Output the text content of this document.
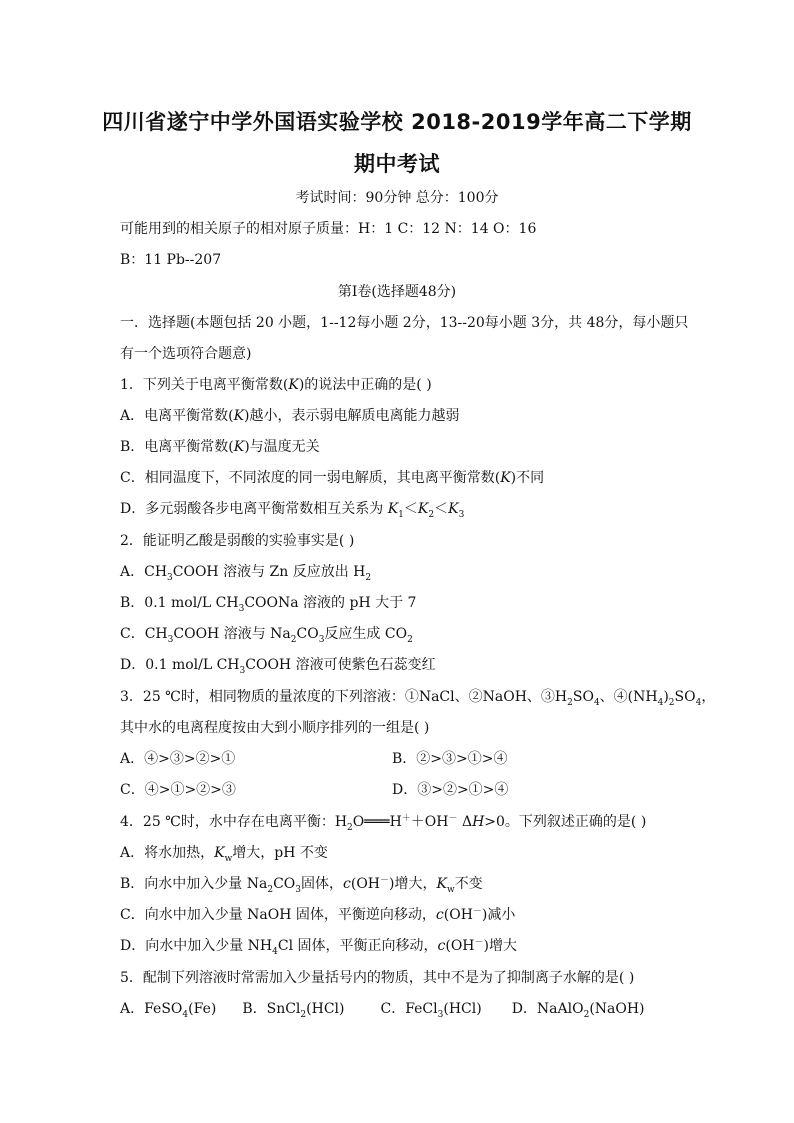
四川省遂宁中学外国语实验学校 2018-2019学年高二下学期
期中考试
考试时间：90分钟 总分：100分
可能用到的相关原子的相对原子质量：H：1 C：12 N：14 O：16
B：11 Pb--207
第Ⅰ卷(选择题48分)
一．选择题(本题包括 20 小题，1--12每小题 2分，13--20每小题 3分，共 48分，每小题只
有一个选项符合题意)
1．下列关于电离平衡常数(K)的说法中正确的是( )
A．电离平衡常数(K)越小，表示弱电解质电离能力越弱
B．电离平衡常数(K)与温度无关
C．相同温度下，不同浓度的同一弱电解质，其电离平衡常数(K)不同
D．多元弱酸各步电离平衡常数相互关系为 $K_1<K_2<K_3$
2．能证明乙酸是弱酸的实验事实是( )
A．$CH_3COOH$ 溶液与 Zn 反应放出 $H_2$
B．0.1 mol/L $CH_3COONa$ 溶液的 pH 大于 7
C．$CH_3COOH$ 溶液与 $Na_2CO_3$反应生成 $CO_2$
D．0.1 mol/L $CH_3COOH$ 溶液可使紫色石蕊变红
3．25 ℃时，相同物质的量浓度的下列溶液：①NaCl、②NaOH、$③H_2SO_4$、$④(NH_4)_2SO_4$，
其中水的电离程度按由大到小顺序排列的一组是( )
A．④>③>②>①	B．②>③>①>④
C．④>①>②>③	D．③>②>①>④
4．25 ℃时，水中存在电离平衡：$H_2O═══H^++OH^-$ ΔH>0。下列叙述正确的是( )
A．将水加热，$K_w$增大，pH 不变
B．向水中加入少量 $Na_2CO_3$固体，c(OH－)增大，$K_w$不变
C．向水中加入少量 NaOH 固体，平衡逆向移动，c(OH－)减小
D．向水中加入少量 $NH_4Cl$ 固体，平衡正向移动，c(OH－)增大
5．配制下列溶液时常需加入少量括号内的物质，其中不是为了抑制离子水解的是( )
A．FeSO$_4$(Fe) B．SnCl$_2$(HCl)	C．FeCl$_3$(HCl) D．NaAlO$_2$(NaOH)
